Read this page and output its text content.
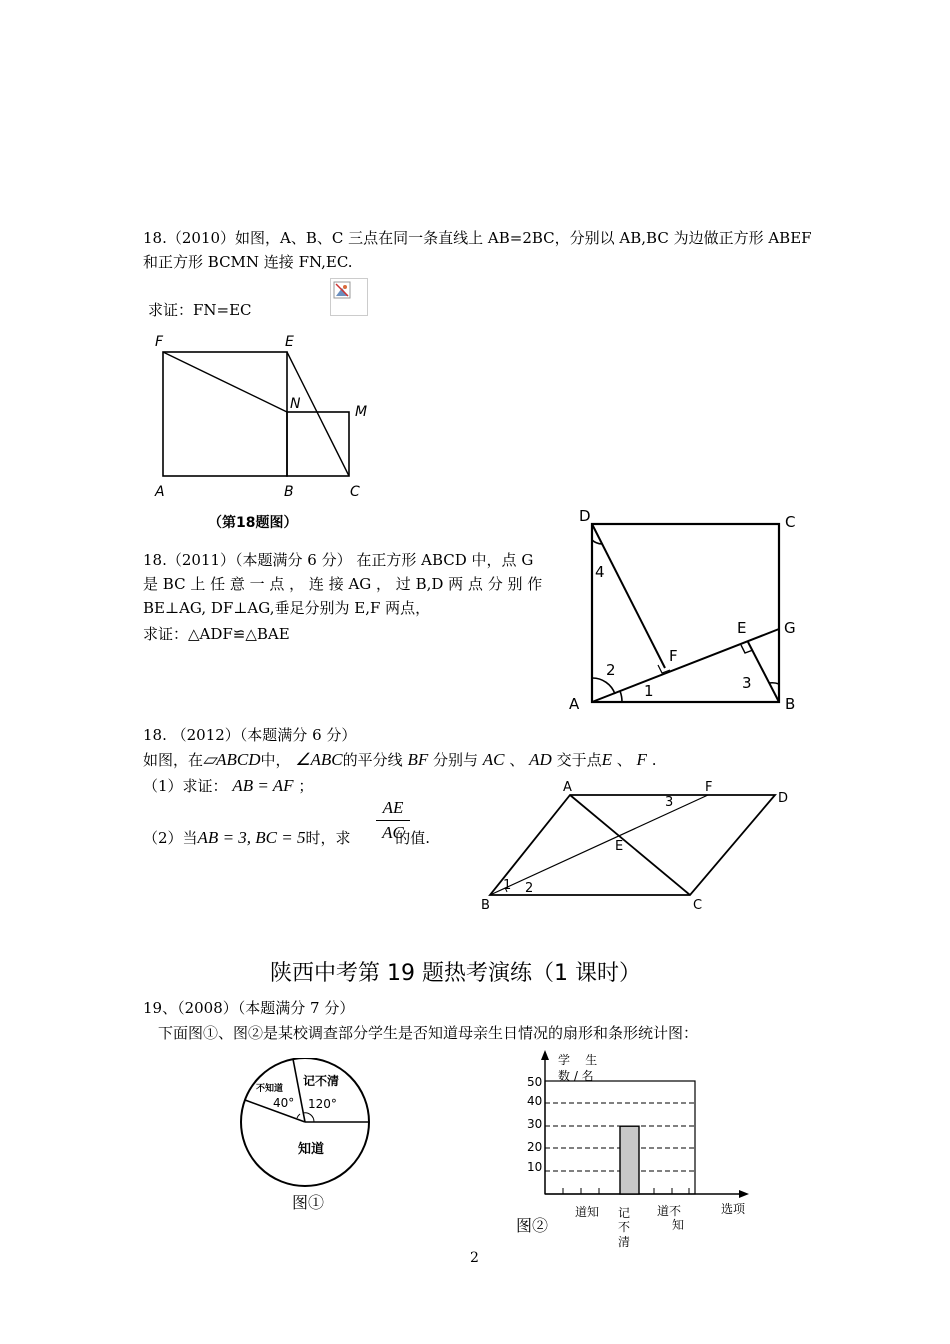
18.（2010）如图，A、B、C 三点在同一条直线上 AB=2BC，分别以 AB,BC 为边做正方形 ABEF
和正方形 BCMN 连接 FN,EC.
求证：FN=EC
F	E
N	M
A	B	C
（第18题图）
18.（2011）（本题满分 6 分） 在正方形 ABCD 中，点 G
是 BC 上 任 意 一 点 ， 连 接 AG ， 过 B,D 两 点 分 别 作
BE⊥AG, DF⊥AG,垂足分别为 E,F 两点，
求证：△ADF≌△BAE
D	C
A	B
G
E
F
1
2
3
4
18. （2012）（本题满分 6 分）
如图，在▱ABCD中， ∠ABC的平分线 BF 分别与 AC 、 AD 交于点E 、 F .
（1）求证： AB = AF ；
（2）当AB = 3, BC = 5时，求	的值.
AE
AC
A	F
D
B	C
E
1 2
3
陕西中考第 19 题热考演练（1 课时）
19、（2008）（本题满分 7 分）
下面图①、图②是某校调查部分学生是否知道母亲生日情况的扇形和条形统计图：
不知道
记不清
40° 120°
知道
图①
50
40
30
20
10
学    生
数 / 名
选项
道知 记
不
清
道不
知
图②
2
